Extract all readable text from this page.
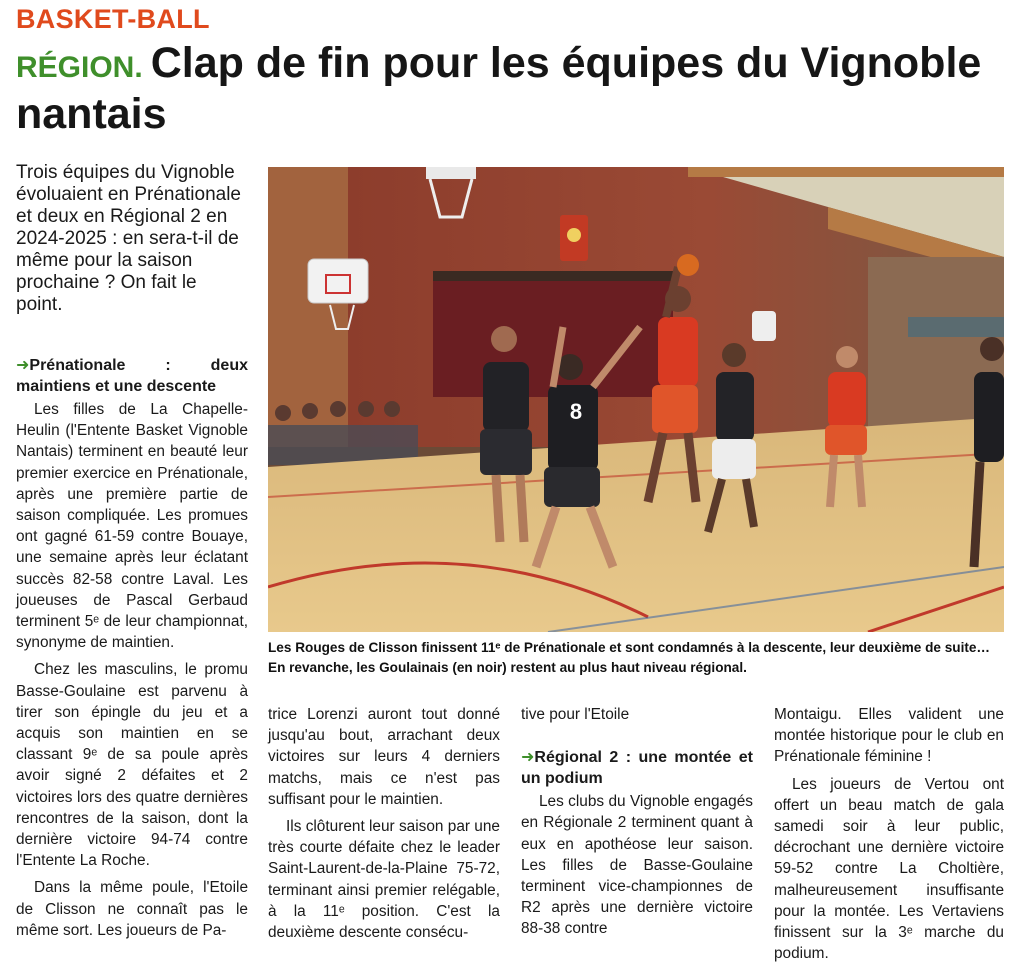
BASKET-BALL
RÉGION. Clap de fin pour les équipes du Vignoble nantais
Trois équipes du Vignoble évoluaient en Prénationale et deux en Régional 2 en 2024-2025 : en sera-t-il de même pour la saison prochaine ? On fait le point.
8
Les Rouges de Clisson finissent 11ᵉ de Prénationale et sont condamnés à la descente, leur deuxième de suite… En revanche, les Goulainais (en noir) restent au plus haut niveau régional.
➜Prénationale : deux maintiens et une descente

Les filles de La Chapelle-Heulin (l'Entente Basket Vignoble Nantais) terminent en beauté leur premier exercice en Prénationale, après une première partie de saison compliquée. Les promues ont gagné 61-59 contre Bouaye, une semaine après leur éclatant succès 82-58 contre Laval. Les joueuses de Pascal Gerbaud terminent 5ᵉ de leur championnat, synonyme de maintien.

Chez les masculins, le promu Basse-Goulaine est parvenu à tirer son épingle du jeu et a acquis son maintien en se classant 9ᵉ de sa poule après avoir signé 2 défaites et 2 victoires lors des quatre dernières rencontres de la saison, dont la dernière victoire 94-74 contre l'Entente La Roche.

Dans la même poule, l'Etoile de Clisson ne connaît pas le même sort. Les joueurs de Pa-

trice Lorenzi auront tout donné jusqu'au bout, arrachant deux victoires sur leurs 4 derniers matchs, mais ce n'est pas suffisant pour le maintien.

Ils clôturent leur saison par une très courte défaite chez le leader Saint-Laurent-de-la-Plaine 75-72, terminant ainsi premier relégable, à la 11ᵉ position. C'est la deuxième descente consécu-

tive pour l'Etoile

➜Régional 2 : une montée et un podium

Les clubs du Vignoble engagés en Régionale 2 terminent quant à eux en apothéose leur saison. Les filles de Basse-Goulaine terminent vice-championnes de R2 après une dernière victoire 88-38 contre

Montaigu. Elles valident une montée historique pour le club en Prénationale féminine !

Les joueurs de Vertou ont offert un beau match de gala samedi soir à leur public, décrochant une dernière victoire 59-52 contre La Choltière, malheureusement insuffisante pour la montée. Les Vertaviens finissent sur la 3ᵉ marche du podium.
